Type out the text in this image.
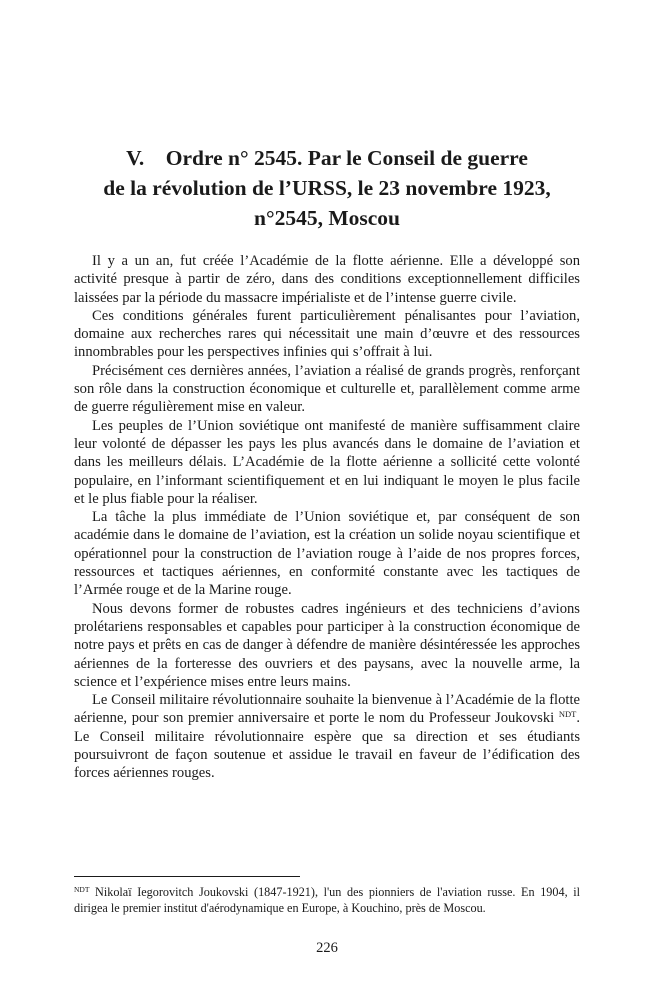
V. Ordre n° 2545. Par le Conseil de guerre
de la révolution de l’URSS, le 23 novembre 1923,
n°2545, Moscou

Il y a un an, fut créée l’Académie de la flotte aérienne. Elle a développé son activité presque à partir de zéro, dans des conditions exceptionnellement difficiles laissées par la période du massacre impérialiste et de l’intense guerre civile.

Ces conditions générales furent particulièrement pénalisantes pour l’aviation, domaine aux recherches rares qui nécessitait une main d’œuvre et des ressources innombrables pour les perspectives infinies qui s’offrait à lui.

Précisément ces dernières années, l’aviation a réalisé de grands progrès, renforçant son rôle dans la construction économique et culturelle et, parallèlement comme arme de guerre régulièrement mise en valeur.

Les peuples de l’Union soviétique ont manifesté de manière suffisamment claire leur volonté de dépasser les pays les plus avancés dans le domaine de l’aviation et dans les meilleurs délais. L’Académie de la flotte aérienne a sollicité cette volonté populaire, en l’informant scientifiquement et en lui indiquant le moyen le plus facile et le plus fiable pour la réaliser.

La tâche la plus immédiate de l’Union soviétique et, par conséquent de son académie dans le domaine de l’aviation, est la création un solide noyau scientifique et opérationnel pour la construction de l’aviation rouge à l’aide de nos propres forces, ressources et tactiques aériennes, en conformité constante avec les tactiques de l’Armée rouge et de la Marine rouge.

Nous devons former de robustes cadres ingénieurs et des techniciens d’avions prolétariens responsables et capables pour participer à la construction économique de notre pays et prêts en cas de danger à défendre de manière désintéressée les approches aériennes de la forteresse des ouvriers et des paysans, avec la nouvelle arme, la science et l’expérience mises entre leurs mains.

Le Conseil militaire révolutionnaire souhaite la bienvenue à l’Académie de la flotte aérienne, pour son premier anniversaire et porte le nom du Professeur Joukovski $^{NDT}$. Le Conseil militaire révolutionnaire espère que sa direction et ses étudiants poursuivront de façon soutenue et assidue le travail en faveur de l’édification des forces aériennes rouges.

$^{NDT}$ Nikolaï Iegorovitch Joukovski (1847-1921), l'un des pionniers de l'aviation russe. En 1904, il dirigea le premier institut d'aérodynamique en Europe, à Kouchino, près de Moscou.

226
